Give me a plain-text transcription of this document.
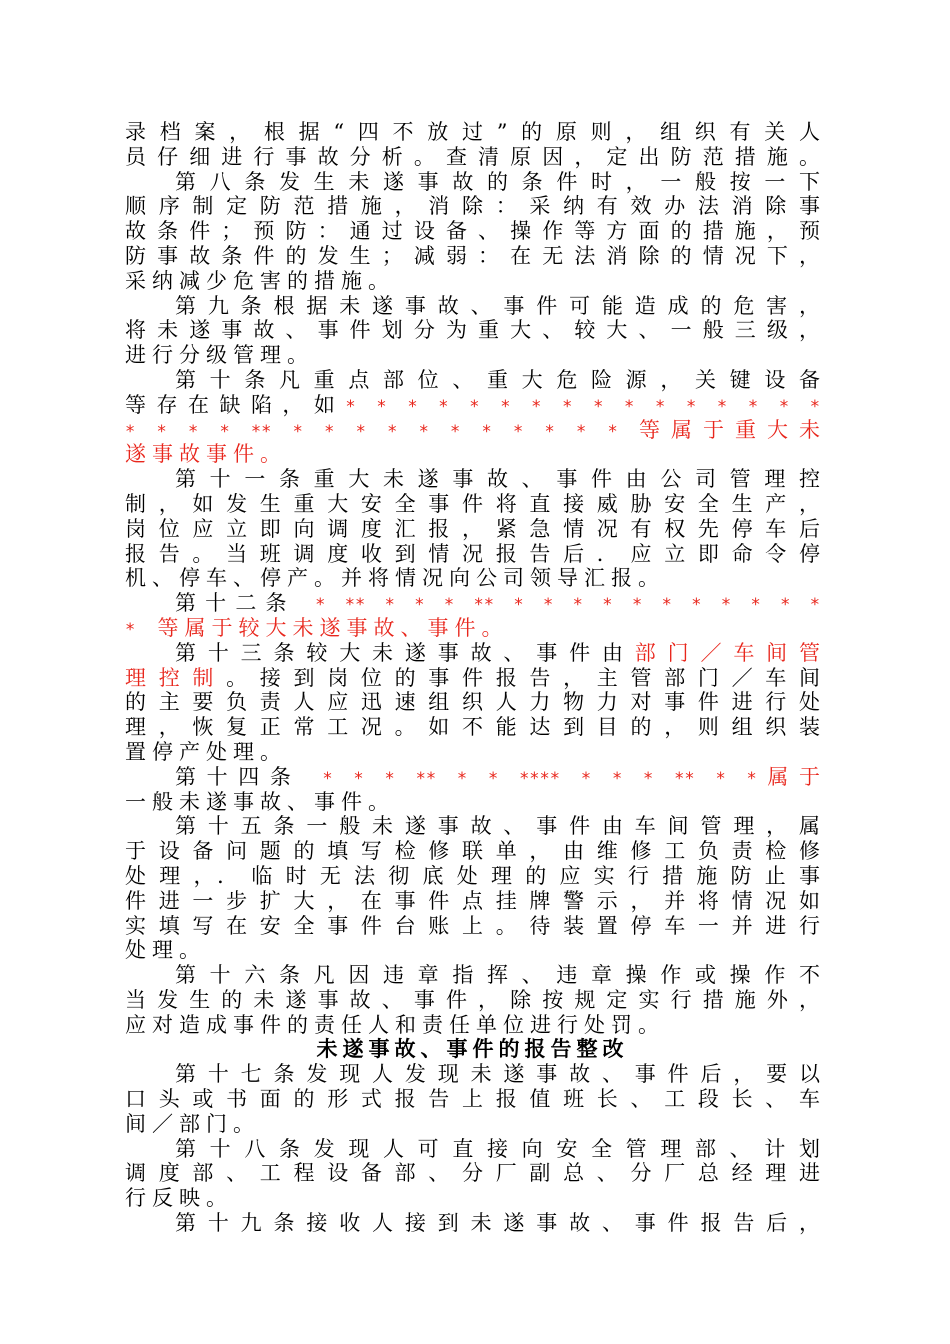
录档案，根据“四不放过”的原则，组织有关人
员仔细进行事故分析。查清原因，定出防范措施。
第八条发生未遂事故的条件时，一般按一下
顺序制定防范措施，消除：采纳有效办法消除事
故条件；预防：通过设备、操作等方面的措施，预
防事故条件的发生；减弱：在无法消除的情况下，
采纳减少危害的措施。
第九条根据未遂事故、事件可能造成的危害，
将未遂事故、事件划分为重大、较大、一般三级，
进行分级管理。
第十条凡重点部位、重大危险源，关键设备
等存在缺陷，如* * * * * * * * * * * * * * * *
* * * * ** * * * * * * * * * * * 等属于重大未
遂事故事件。
第十一条重大未遂事故、事件由公司管理控
制，如发生重大安全事件将直接威胁安全生产，
岗位应立即向调度汇报，紧急情况有权先停车后
报告。当班调度收到情况报告后．应立即命令停
机、停车、停产。并将情况向公司领导汇报。
第十二条 * ** * * * ** * * * * * * * * * * *
* 等属于较大未遂事故、事件。
第十三条较大未遂事故、事件由部门／车间管
理控制。接到岗位的事件报告，主管部门／车间
的主要负责人应迅速组织人力物力对事件进行处
理，恢复正常工况。如不能达到目的，则组织装
置停产处理。
第十四条 * * * ** * * **** * * * ** * *属于
一般未遂事故、事件。
第十五条一般未遂事故、事件由车间管理，属
于设备问题的填写检修联单，由维修工负责检修
处理，．临时无法彻底处理的应实行措施防止事
件进一步扩大，在事件点挂牌警示，并将情况如
实填写在安全事件台账上。待装置停车一并进行
处理。
第十六条凡因违章指挥、违章操作或操作不
当发生的未遂事故、事件，除按规定实行措施外，
应对造成事件的责任人和责任单位进行处罚。
未遂事故、事件的报告整改
第十七条发现人发现未遂事故、事件后，要以
口头或书面的形式报告上报值班长、工段长、车
间／部门。
第十八条发现人可直接向安全管理部、计划
调度部、工程设备部、分厂副总、分厂总经理进
行反映。
第十九条接收人接到未遂事故、事件报告后，
